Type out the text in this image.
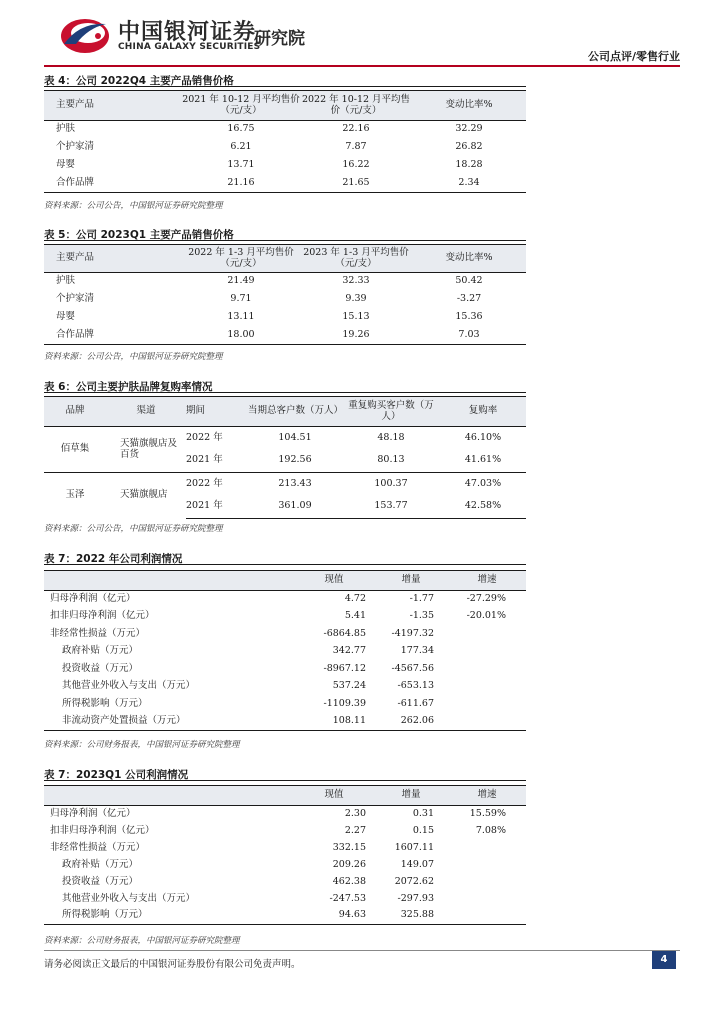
中国银河证券
CHINA GALAXY SECURITIES
研究院
公司点评/零售行业
表 4：公司 2022Q4 主要产品销售价格
主要产品	2021 年 10-12 月平均售价（元/支）	2022 年 10-12 月平均售价（元/支）	变动比率%
护肤	16.75	22.16	32.29
个护家清	6.21	7.87	26.82
母婴	13.71	16.22	18.28
合作品牌	21.16	21.65	2.34
资料来源：公司公告，中国银河证券研究院整理
表 5：公司 2023Q1 主要产品销售价格
主要产品	2022 年 1-3 月平均售价（元/支）	2023 年 1-3 月平均售价（元/支）	变动比率%
护肤	21.49	32.33	50.42
个护家清	9.71	9.39	-3.27
母婴	13.11	15.13	15.36
合作品牌	18.00	19.26	7.03
资料来源：公司公告，中国银河证券研究院整理
表 6：公司主要护肤品牌复购率情况
品牌	渠道	期间	当期总客户数（万人）	重复购买客户数（万人）	复购率
佰草集	天猫旗舰店及百货	2022 年	104.51	48.18	46.10%
		2021 年	192.56	80.13	41.61%
玉泽	天猫旗舰店	2022 年	213.43	100.37	47.03%
		2021 年	361.09	153.77	42.58%
资料来源：公司公告，中国银河证券研究院整理
表 7：2022 年公司利润情况
	现值	增量	增速
归母净利润（亿元）	4.72	-1.77	-27.29%
扣非归母净利润（亿元）	5.41	-1.35	-20.01%
非经常性损益（万元）	-6864.85	-4197.32	
政府补贴（万元）	342.77	177.34	
投资收益（万元）	-8967.12	-4567.56	
其他营业外收入与支出（万元）	537.24	-653.13	
所得税影响（万元）	-1109.39	-611.67	
非流动资产处置损益（万元）	108.11	262.06	
资料来源：公司财务报表，中国银河证券研究院整理
表 7：2023Q1 公司利润情况
	现值	增量	增速
归母净利润（亿元）	2.30	0.31	15.59%
扣非归母净利润（亿元）	2.27	0.15	7.08%
非经常性损益（万元）	332.15	1607.11	
政府补贴（万元）	209.26	149.07	
投资收益（万元）	462.38	2072.62	
其他营业外收入与支出（万元）	-247.53	-297.93	
所得税影响（万元）	94.63	325.88	
资料来源：公司财务报表，中国银河证券研究院整理
请务必阅读正文最后的中国银河证券股份有限公司免责声明。	4
